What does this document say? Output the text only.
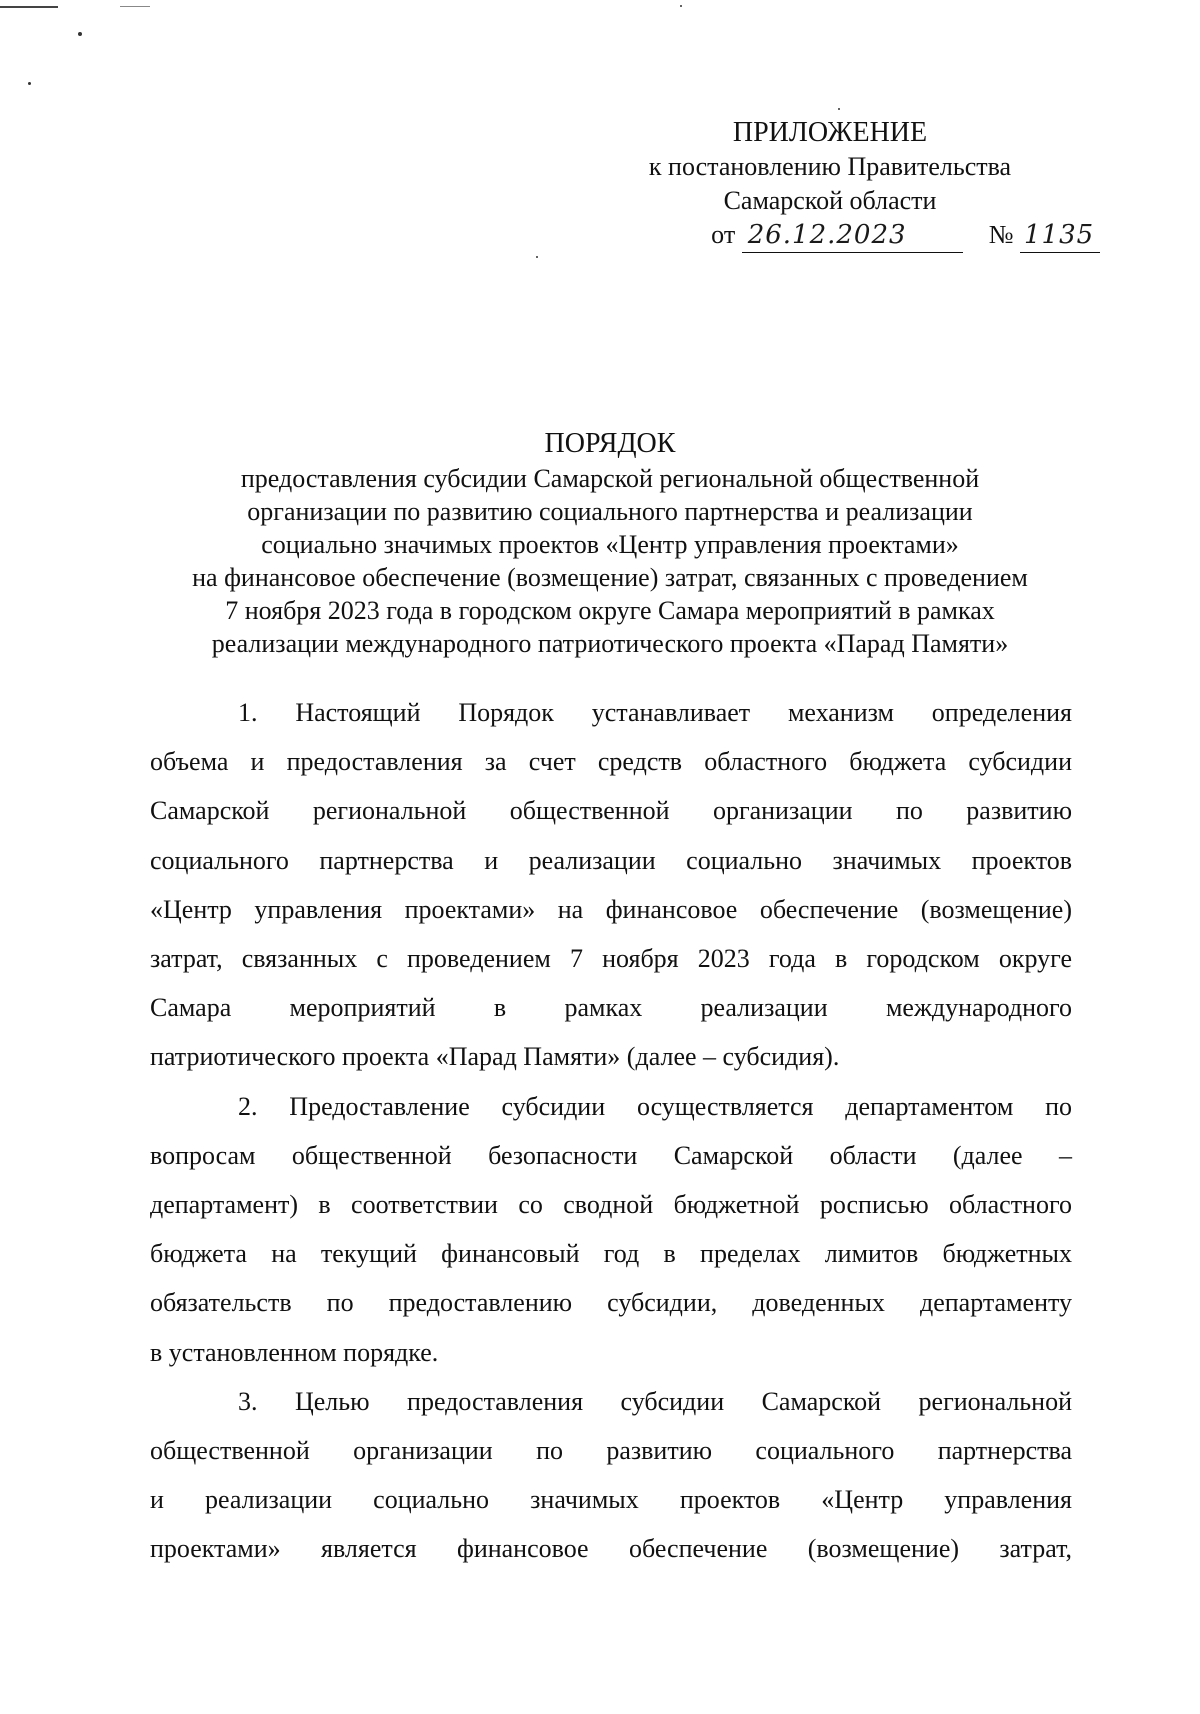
ПРИЛОЖЕНИЕ
к постановлению Правительства
Самарской области
от 26.12.2023	№ 1135
ПОРЯДОК
предоставления субсидии Самарской региональной общественной
организации по развитию социального партнерства и реализации
социально значимых проектов «Центр управления проектами»
на финансовое обеспечение (возмещение) затрат, связанных с проведением
7 ноября 2023 года в городском округе Самара мероприятий в рамках
реализации международного патриотического проекта «Парад Памяти»
1. Настоящий Порядок устанавливает механизм определения
объема и предоставления за счет средств областного бюджета субсидии
Самарской региональной общественной организации по развитию
социального партнерства и реализации социально значимых проектов
«Центр управления проектами» на финансовое обеспечение (возмещение)
затрат, связанных с проведением 7 ноября 2023 года в городском округе
Самара мероприятий в рамках реализации международного
патриотического проекта «Парад Памяти» (далее – субсидия).
2. Предоставление субсидии осуществляется департаментом по
вопросам общественной безопасности Самарской области (далее –
департамент) в соответствии со сводной бюджетной росписью областного
бюджета на текущий финансовый год в пределах лимитов бюджетных
обязательств по предоставлению субсидии, доведенных департаменту
в установленном порядке.
3. Целью предоставления субсидии Самарской региональной
общественной организации по развитию социального партнерства
и реализации социально значимых проектов «Центр управления
проектами» является финансовое обеспечение (возмещение) затрат,
